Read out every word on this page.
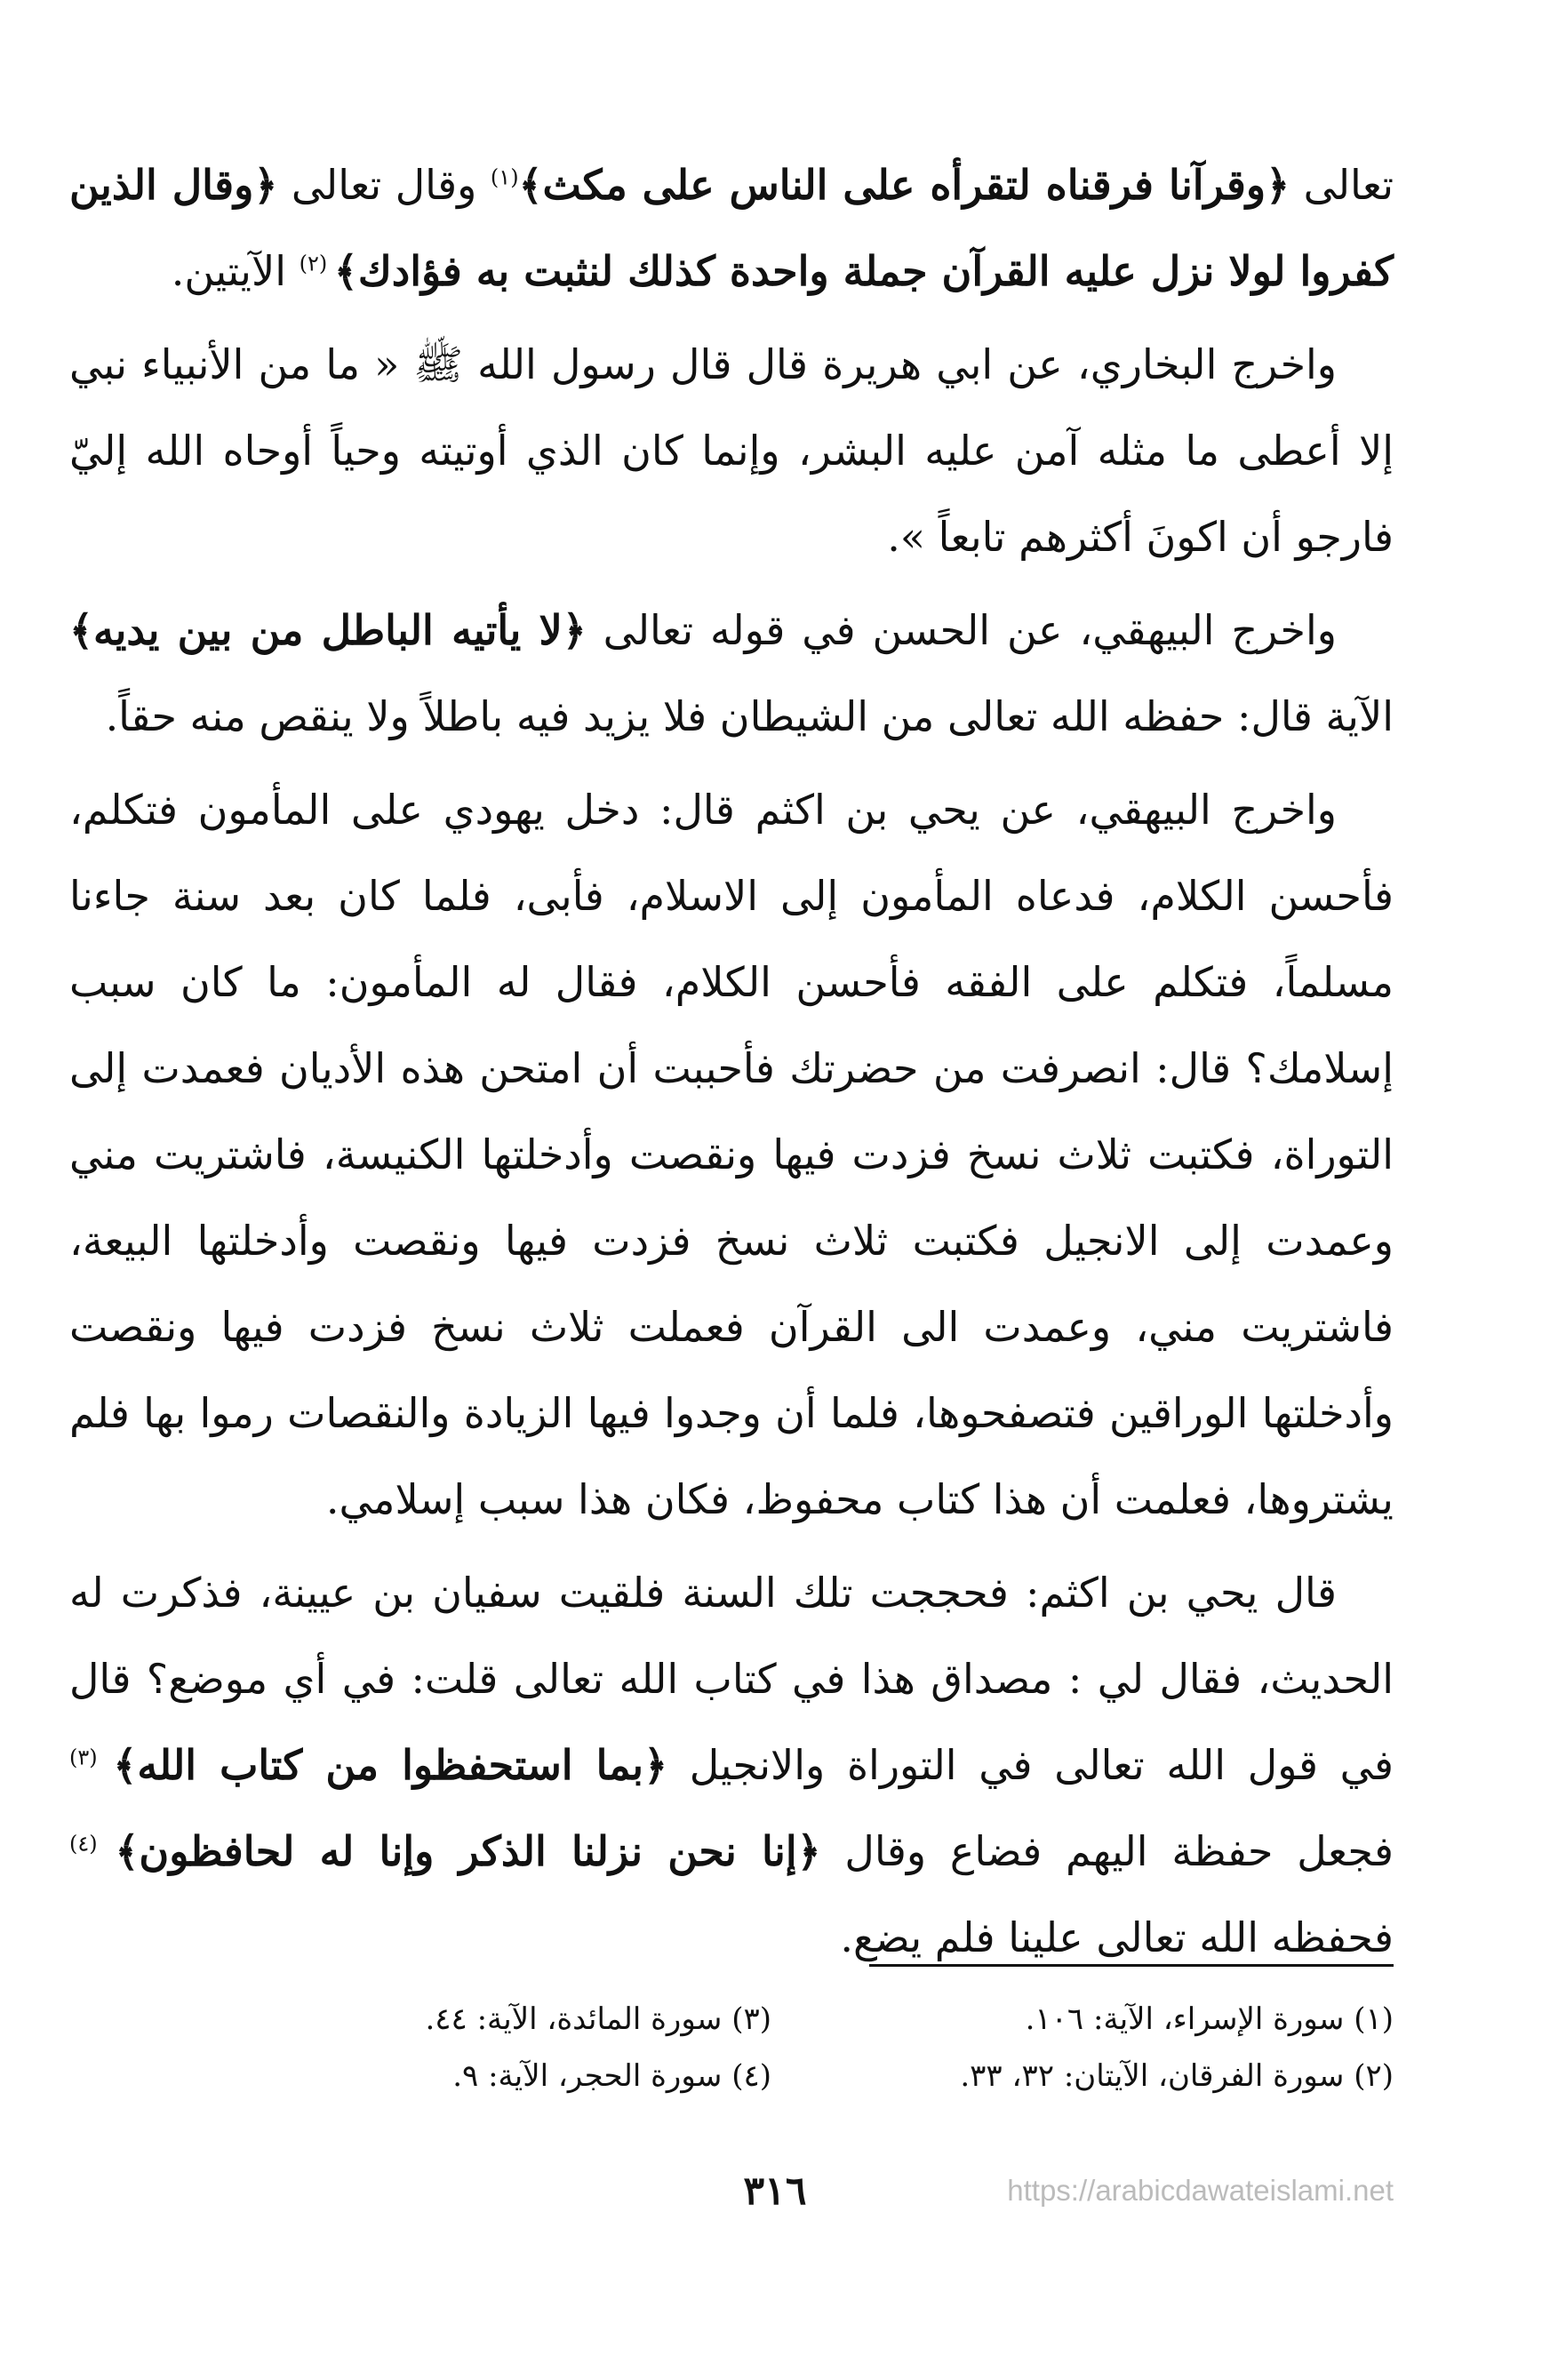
تعالى ﴿وقرآنا فرقناه لتقرأه على الناس على مكث﴾$^{(١)}$ وقال تعالى ﴿وقال الذين كفروا لولا نزل عليه القرآن جملة واحدة كذلك لنثبت به فؤادك﴾ $^{(٢)}$ الآيتين.

واخرج البخاري، عن ابي هريرة قال قال رسول الله ﷺ « ما من الأنبياء نبي إلا أعطى ما مثله آمن عليه البشر، وإنما كان الذي أوتيته وحياً أوحاه الله إليّ فارجو أن اكونَ أكثرهم تابعاً ».

واخرج البيهقي، عن الحسن في قوله تعالى ﴿لا يأتيه الباطل من بين يديه﴾ الآية قال: حفظه الله تعالى من الشيطان فلا يزيد فيه باطلاً ولا ينقص منه حقاً.

واخرج البيهقي، عن يحي بن اكثم قال: دخل يهودي على المأمون فتكلم، فأحسن الكلام، فدعاه المأمون إلى الاسلام، فأبى، فلما كان بعد سنة جاءنا مسلماً، فتكلم على الفقه فأحسن الكلام، فقال له المأمون: ما كان سبب إسلامك؟ قال: انصرفت من حضرتك فأحببت أن امتحن هذه الأديان فعمدت إلى التوراة، فكتبت ثلاث نسخ فزدت فيها ونقصت وأدخلتها الكنيسة، فاشتريت مني وعمدت إلى الانجيل فكتبت ثلاث نسخ فزدت فيها ونقصت وأدخلتها البيعة، فاشتريت مني، وعمدت الى القرآن فعملت ثلاث نسخ فزدت فيها ونقصت وأدخلتها الوراقين فتصفحوها، فلما أن وجدوا فيها الزيادة والنقصات رموا بها فلم يشتروها، فعلمت أن هذا كتاب محفوظ، فكان هذا سبب إسلامي.

قال يحي بن اكثم: فحججت تلك السنة فلقيت سفيان بن عيينة، فذكرت له الحديث، فقال لي : مصداق هذا في كتاب الله تعالى قلت: في أي موضع؟ قال في قول الله تعالى في التوراة والانجيل ﴿بما استحفظوا من كتاب الله﴾ $^{(٣)}$ فجعل حفظة اليهم فضاع وقال ﴿إنا نحن نزلنا الذكر وإنا له لحافظون﴾ $^{(٤)}$ فحفظه الله تعالى علينا فلم يضع.

(١) سورة الإسراء، الآية: ١٠٦.
(٢) سورة الفرقان، الآيتان: ٣٢، ٣٣.
(٣) سورة المائدة، الآية: ٤٤.
(٤) سورة الحجر، الآية: ٩.
٣١٦	https://arabicdawateislami.net
